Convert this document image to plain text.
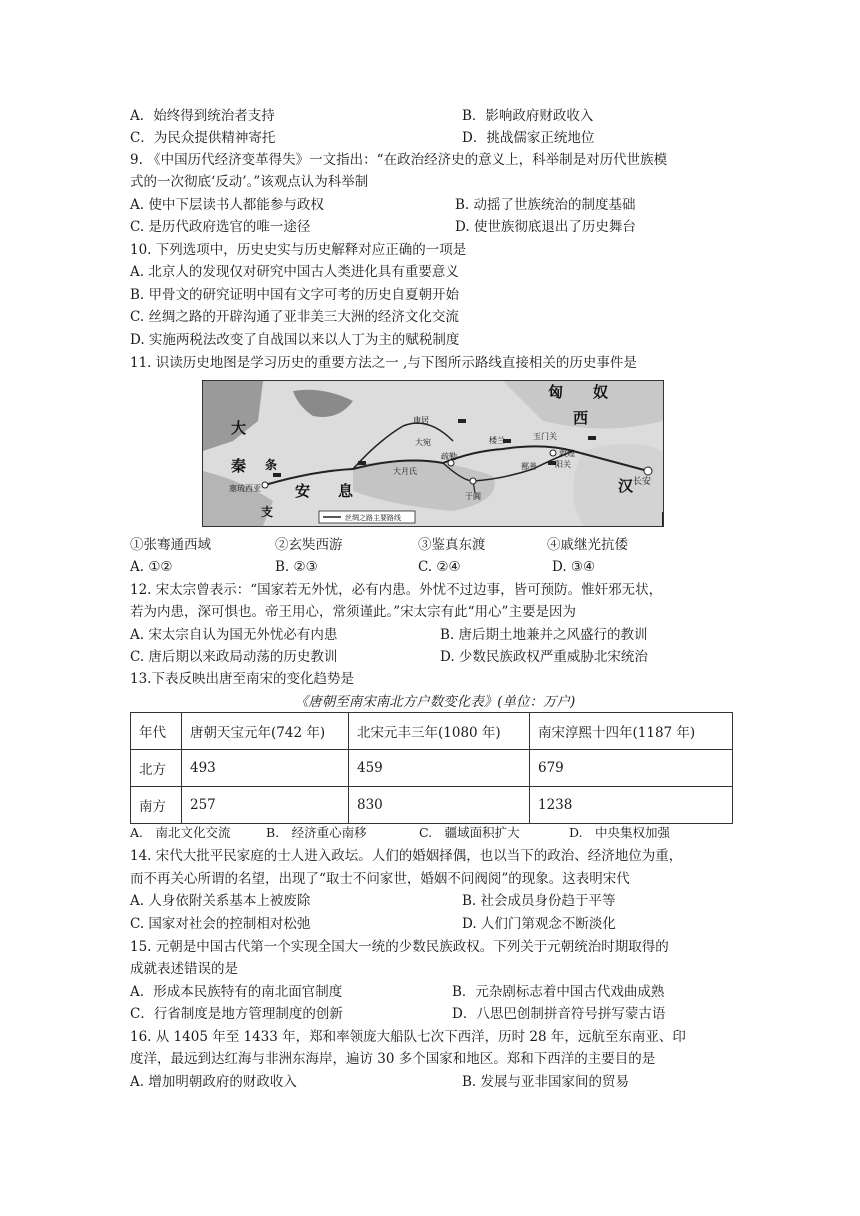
A．始终得到统治者支持	B．影响政府财政收入
C．为民众提供精神寄托	D．挑战儒家正统地位
9. 《中国历代经济变革得失》一文指出：“在政治经济史的意义上，科举制是对历代世族模
式的一次彻底‘反动’。”该观点认为科举制
A. 使中下层读书人都能参与政权	B. 动摇了世族统治的制度基础
C. 是历代政府选官的唯一途径	D. 使世族彻底退出了历史舞台
10. 下列选项中，历史史实与历史解释对应正确的一项是
A. 北京人的发现仅对研究中国古人类进化具有重要意义
B. 甲骨文的研究证明中国有文字可考的历史自夏朝开始
C. 丝绸之路的开辟沟通了亚非美三大洲的经济文化交流
D. 实施两税法改变了自战国以来以人丁为主的赋税制度
11. 识读历史地图是学习历史的重要方法之一 ,与下图所示路线直接相关的历史事件是
匈　　奴
西
汉
大
秦
支
条
安 息
康居
大宛
疏勒
于阗
玉门关
敦煌
楼兰
鄯善 阳关
长安
大月氏
塞琉西亚
丝绸之路主要路线
①张骞通西域	②玄奘西游	③鉴真东渡	④戚继光抗倭
A. ①②	B. ②③	C. ②④	D. ③④
12. 宋太宗曾表示：“国家若无外忧，必有内患。外忧不过边事，皆可预防。惟奸邪无状，
若为内患，深可惧也。帝王用心，常须谨此。”宋太宗有此“用心”主要是因为
A. 宋太宗自认为国无外忧必有内患	B. 唐后期土地兼并之风盛行的教训
C. 唐后期以来政局动荡的历史教训	D. 少数民族政权严重威胁北宋统治
13.下表反映出唐至南宋的变化趋势是
《唐朝至南宋南北方户数变化表》(单位：万户)
年代	唐朝天宝元年(742 年)	北宋元丰三年(1080 年)	南宋淳熙十四年(1187 年)
北方	493	459	679
南方	257	830	1238
A.　南北文化交流	B.　经济重心南移	C.　疆域面积扩大	D.　中央集权加强
14. 宋代大批平民家庭的士人进入政坛。人们的婚姻择偶，也以当下的政治、经济地位为重，
而不再关心所谓的名望，出现了“取士不问家世，婚姻不问阀阅”的现象。这表明宋代
A. 人身依附关系基本上被废除	B. 社会成员身份趋于平等
C. 国家对社会的控制相对松弛	D. 人们门第观念不断淡化
15. 元朝是中国古代第一个实现全国大一统的少数民族政权。下列关于元朝统治时期取得的
成就表述错误的是
A．形成本民族特有的南北面官制度	B．元杂剧标志着中国古代戏曲成熟
C．行省制度是地方管理制度的创新	D．八思巴创制拼音符号拼写蒙古语
16. 从 1405 年至 1433 年，郑和率领庞大船队七次下西洋，历时 28 年，远航至东南亚、印
度洋，最远到达红海与非洲东海岸，遍访 30 多个国家和地区。郑和下西洋的主要目的是
A. 增加明朝政府的财政收入	B. 发展与亚非国家间的贸易
